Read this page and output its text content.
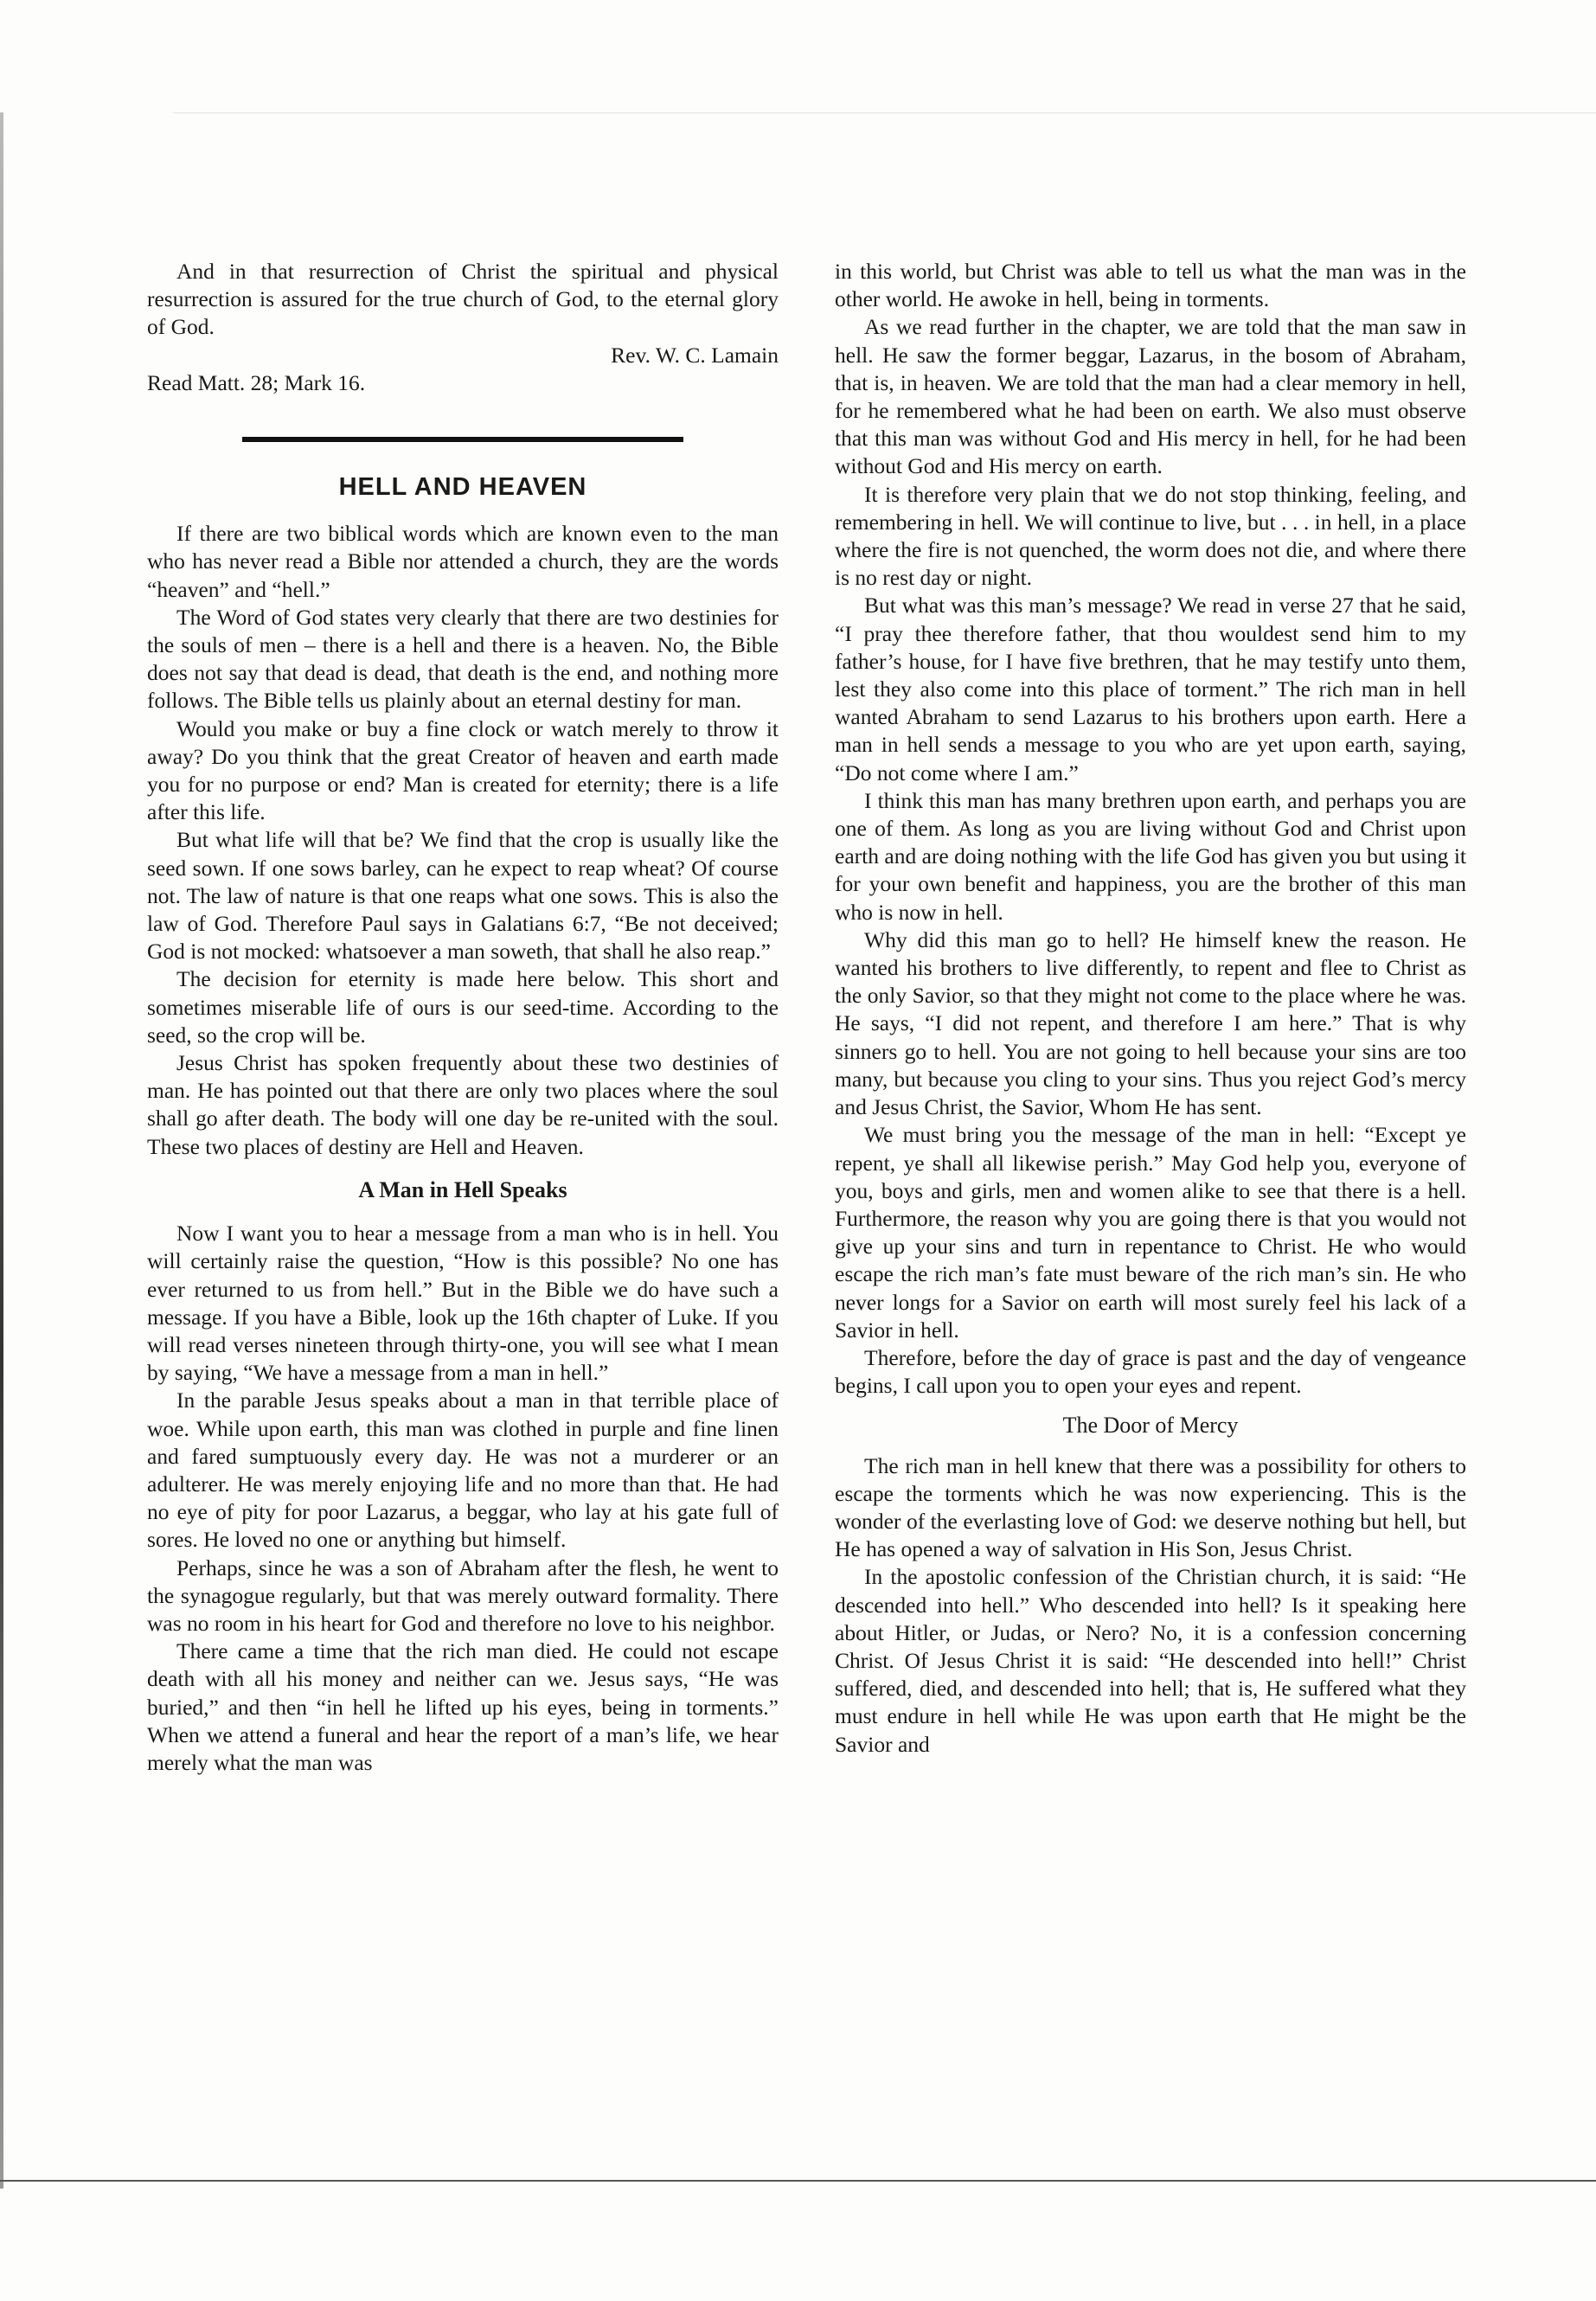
And in that resurrection of Christ the spiritual and physical resurrection is assured for the true church of God, to the eternal glory of God.

Rev. W. C. Lamain

Read Matt. 28; Mark 16.

HELL AND HEAVEN

If there are two biblical words which are known even to the man who has never read a Bible nor attended a church, they are the words “heaven” and “hell.”

The Word of God states very clearly that there are two destinies for the souls of men – there is a hell and there is a heaven. No, the Bible does not say that dead is dead, that death is the end, and nothing more follows. The Bible tells us plainly about an eternal destiny for man.

Would you make or buy a fine clock or watch merely to throw it away? Do you think that the great Creator of heaven and earth made you for no purpose or end? Man is created for eternity; there is a life after this life.

But what life will that be? We find that the crop is usually like the seed sown. If one sows barley, can he expect to reap wheat? Of course not. The law of nature is that one reaps what one sows. This is also the law of God. Therefore Paul says in Galatians 6:7, “Be not deceived; God is not mocked: whatsoever a man soweth, that shall he also reap.”

The decision for eternity is made here below. This short and sometimes miserable life of ours is our seed-time. According to the seed, so the crop will be.

Jesus Christ has spoken frequently about these two destinies of man. He has pointed out that there are only two places where the soul shall go after death. The body will one day be re-united with the soul. These two places of destiny are Hell and Heaven.

A Man in Hell Speaks

Now I want you to hear a message from a man who is in hell. You will certainly raise the question, “How is this possible? No one has ever returned to us from hell.” But in the Bible we do have such a message. If you have a Bible, look up the 16th chapter of Luke. If you will read verses nineteen through thirty-one, you will see what I mean by saying, “We have a message from a man in hell.”

In the parable Jesus speaks about a man in that terrible place of woe. While upon earth, this man was clothed in purple and fine linen and fared sumptuously every day. He was not a murderer or an adulterer. He was merely enjoying life and no more than that. He had no eye of pity for poor Lazarus, a beggar, who lay at his gate full of sores. He loved no one or anything but himself.

Perhaps, since he was a son of Abraham after the flesh, he went to the synagogue regularly, but that was merely outward formality. There was no room in his heart for God and therefore no love to his neighbor.

There came a time that the rich man died. He could not escape death with all his money and neither can we. Jesus says, “He was buried,” and then “in hell he lifted up his eyes, being in torments.” When we attend a funeral and hear the report of a man’s life, we hear merely what the man was

in this world, but Christ was able to tell us what the man was in the other world. He awoke in hell, being in torments.

As we read further in the chapter, we are told that the man saw in hell. He saw the former beggar, Lazarus, in the bosom of Abraham, that is, in heaven. We are told that the man had a clear memory in hell, for he remembered what he had been on earth. We also must observe that this man was without God and His mercy in hell, for he had been without God and His mercy on earth.

It is therefore very plain that we do not stop thinking, feeling, and remembering in hell. We will continue to live, but . . . in hell, in a place where the fire is not quenched, the worm does not die, and where there is no rest day or night.

But what was this man’s message? We read in verse 27 that he said, “I pray thee therefore father, that thou wouldest send him to my father’s house, for I have five brethren, that he may testify unto them, lest they also come into this place of torment.” The rich man in hell wanted Abraham to send Lazarus to his brothers upon earth. Here a man in hell sends a message to you who are yet upon earth, saying, “Do not come where I am.”

I think this man has many brethren upon earth, and perhaps you are one of them. As long as you are living without God and Christ upon earth and are doing nothing with the life God has given you but using it for your own benefit and happiness, you are the brother of this man who is now in hell.

Why did this man go to hell? He himself knew the reason. He wanted his brothers to live differently, to repent and flee to Christ as the only Savior, so that they might not come to the place where he was. He says, “I did not repent, and therefore I am here.” That is why sinners go to hell. You are not going to hell because your sins are too many, but because you cling to your sins. Thus you reject God’s mercy and Jesus Christ, the Savior, Whom He has sent.

We must bring you the message of the man in hell: “Except ye repent, ye shall all likewise perish.” May God help you, everyone of you, boys and girls, men and women alike to see that there is a hell. Furthermore, the reason why you are going there is that you would not give up your sins and turn in repentance to Christ. He who would escape the rich man’s fate must beware of the rich man’s sin. He who never longs for a Savior on earth will most surely feel his lack of a Savior in hell.

Therefore, before the day of grace is past and the day of vengeance begins, I call upon you to open your eyes and repent.

The Door of Mercy

The rich man in hell knew that there was a possibility for others to escape the torments which he was now experiencing. This is the wonder of the everlasting love of God: we deserve nothing but hell, but He has opened a way of salvation in His Son, Jesus Christ.

In the apostolic confession of the Christian church, it is said: “He descended into hell.” Who descended into hell? Is it speaking here about Hitler, or Judas, or Nero? No, it is a confession concerning Christ. Of Jesus Christ it is said: “He descended into hell!” Christ suffered, died, and descended into hell; that is, He suffered what they must endure in hell while He was upon earth that He might be the Savior and
